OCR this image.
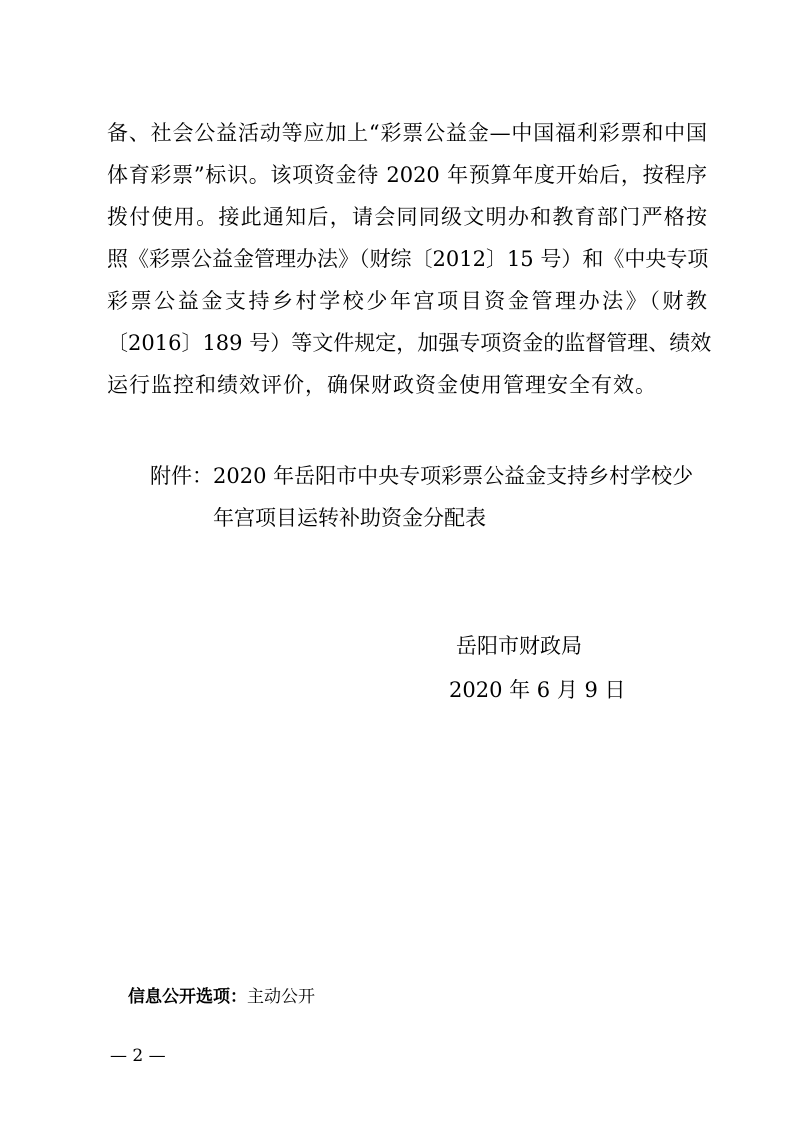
备、社会公益活动等应加上“彩票公益金—中国福利彩票和中国
体育彩票”标识。该项资金待 2020 年预算年度开始后，按程序
拨付使用。接此通知后，请会同同级文明办和教育部门严格按
照《彩票公益金管理办法》（财综〔2012〕15 号）和《中央专项
彩票公益金支持乡村学校少年宫项目资金管理办法》（财教
〔2016〕189 号）等文件规定，加强专项资金的监督管理、绩效
运行监控和绩效评价，确保财政资金使用管理安全有效。
附件：2020 年岳阳市中央专项彩票公益金支持乡村学校少
年宫项目运转补助资金分配表
岳阳市财政局
2020 年 6 月 9 日
信息公开选项：主动公开
— 2 —
